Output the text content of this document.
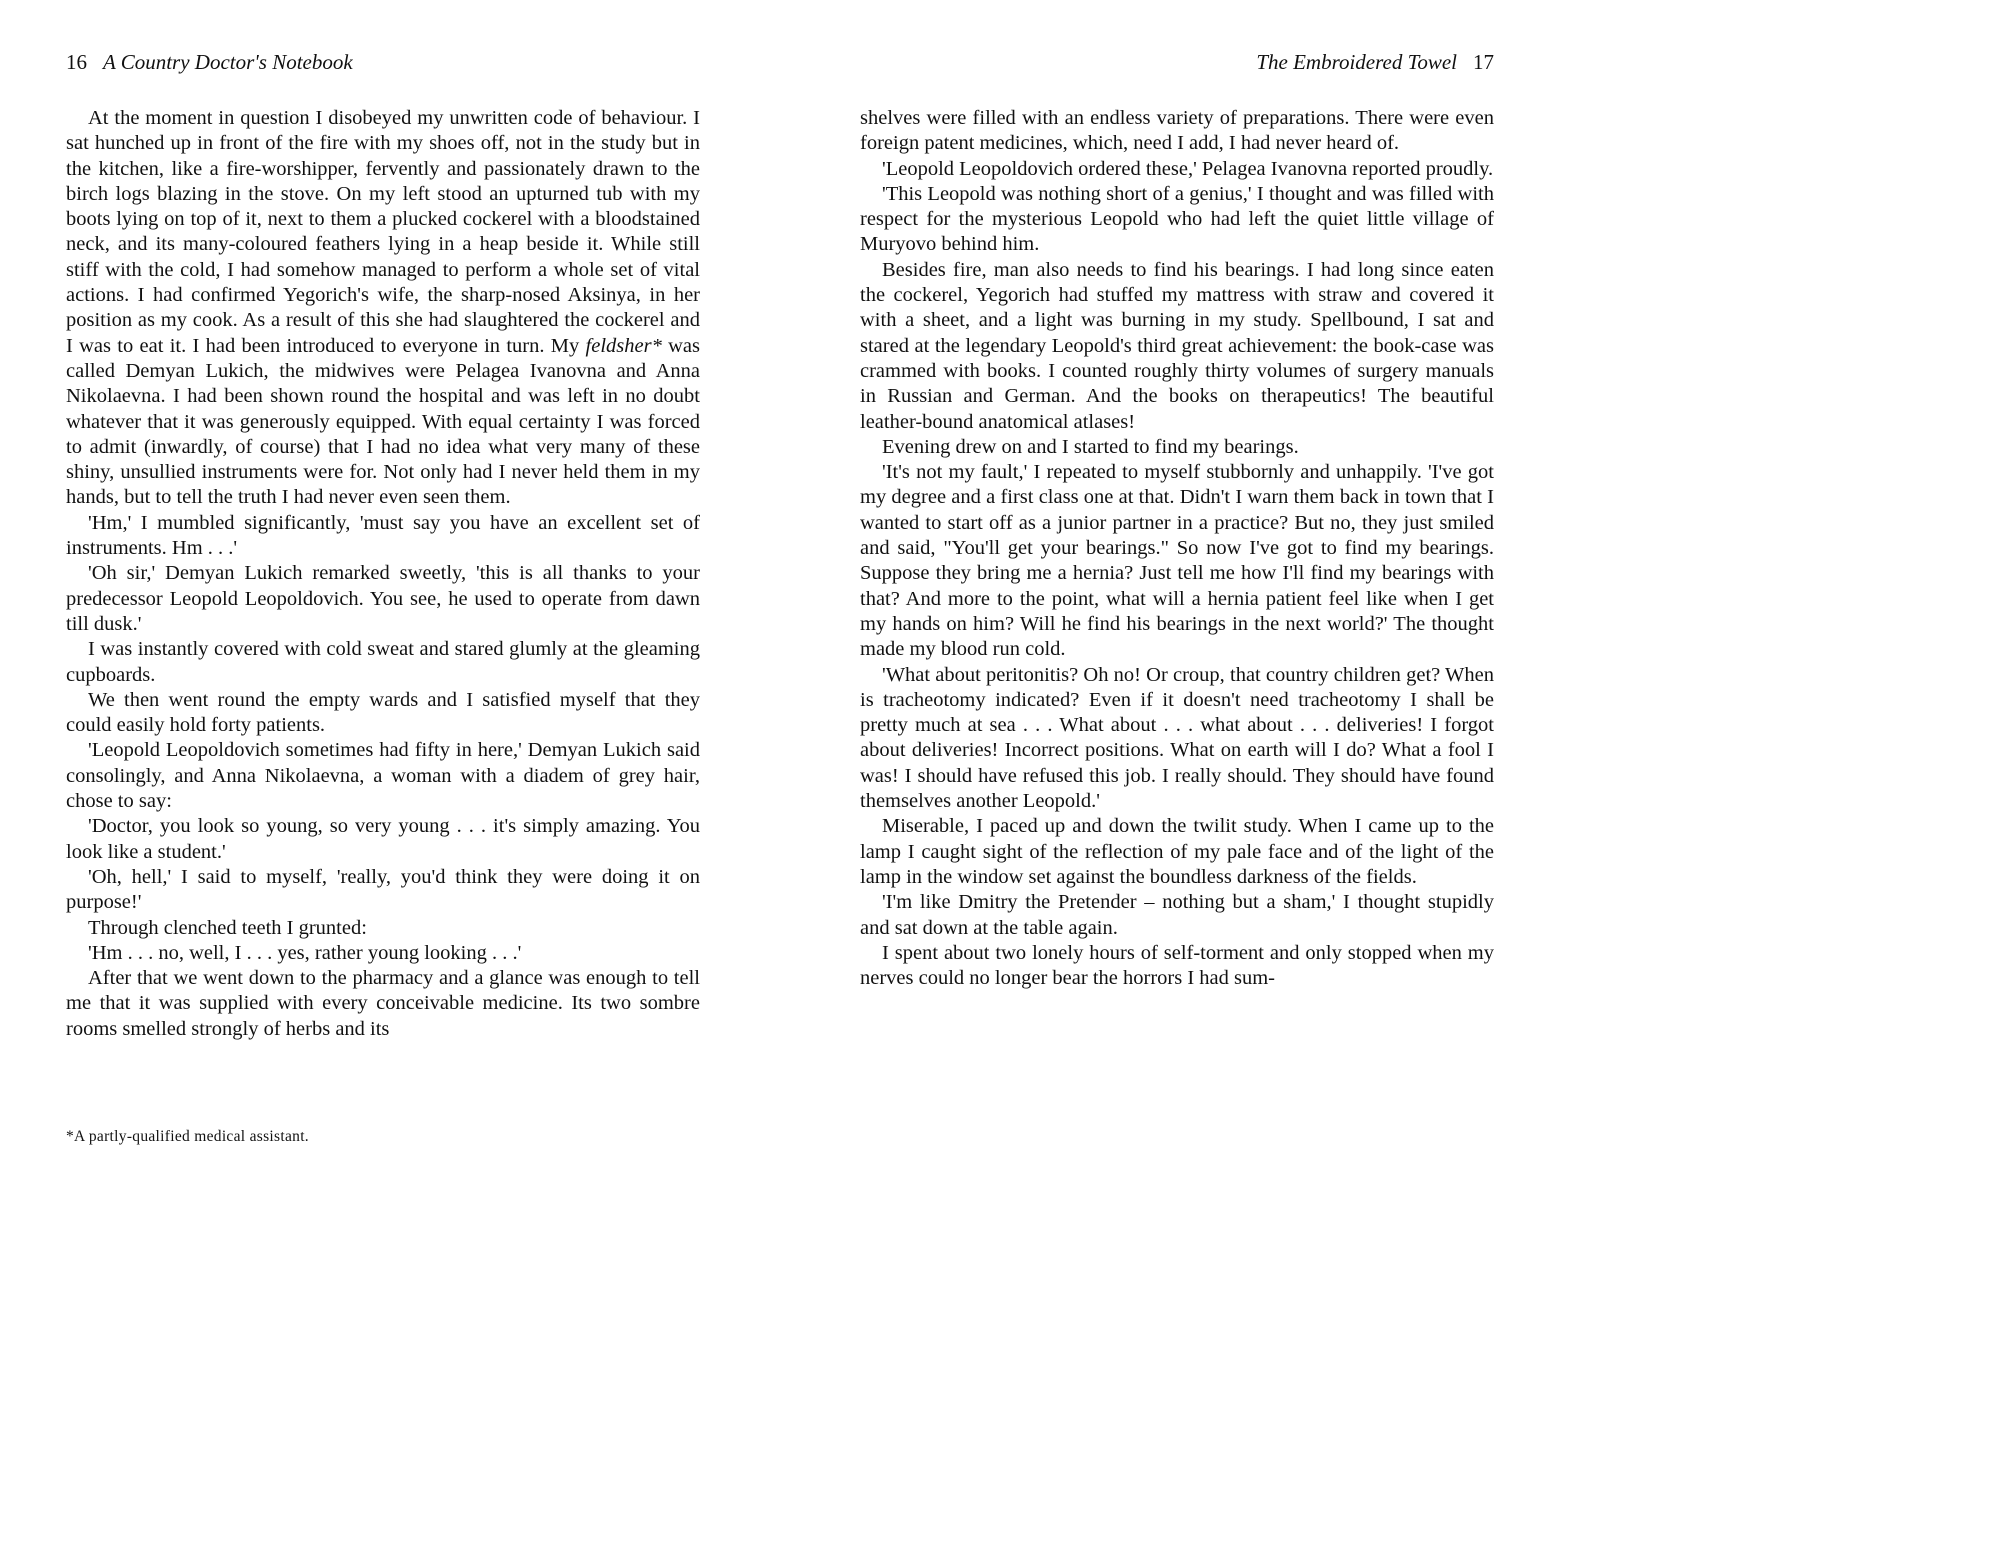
16 A Country Doctor's Notebook

At the moment in question I disobeyed my unwritten code of behaviour. I sat hunched up in front of the fire with my shoes off, not in the study but in the kitchen, like a fire-worshipper, fervently and passionately drawn to the birch logs blazing in the stove. On my left stood an upturned tub with my boots lying on top of it, next to them a plucked cockerel with a bloodstained neck, and its many-coloured feathers lying in a heap beside it. While still stiff with the cold, I had somehow managed to perform a whole set of vital actions. I had confirmed Yegorich's wife, the sharp-nosed Aksinya, in her position as my cook. As a result of this she had slaughtered the cockerel and I was to eat it. I had been introduced to everyone in turn. My feldsher* was called Demyan Lukich, the midwives were Pelagea Ivanovna and Anna Nikolaevna. I had been shown round the hospital and was left in no doubt whatever that it was generously equipped. With equal certainty I was forced to admit (inwardly, of course) that I had no idea what very many of these shiny, unsullied instruments were for. Not only had I never held them in my hands, but to tell the truth I had never even seen them.

'Hm,' I mumbled significantly, 'must say you have an excellent set of instruments. Hm . . .'

'Oh sir,' Demyan Lukich remarked sweetly, 'this is all thanks to your predecessor Leopold Leopoldovich. You see, he used to operate from dawn till dusk.'

I was instantly covered with cold sweat and stared glumly at the gleaming cupboards.

We then went round the empty wards and I satisfied myself that they could easily hold forty patients.

'Leopold Leopoldovich sometimes had fifty in here,' Demyan Lukich said consolingly, and Anna Nikolaevna, a woman with a diadem of grey hair, chose to say:

'Doctor, you look so young, so very young . . . it's simply amazing. You look like a student.'

'Oh, hell,' I said to myself, 'really, you'd think they were doing it on purpose!'

Through clenched teeth I grunted:

'Hm . . . no, well, I . . . yes, rather young looking . . .'

After that we went down to the pharmacy and a glance was enough to tell me that it was supplied with every conceivable medicine. Its two sombre rooms smelled strongly of herbs and its

*A partly-qualified medical assistant.
The Embroidered Towel 17

shelves were filled with an endless variety of preparations. There were even foreign patent medicines, which, need I add, I had never heard of.

'Leopold Leopoldovich ordered these,' Pelagea Ivanovna reported proudly.

'This Leopold was nothing short of a genius,' I thought and was filled with respect for the mysterious Leopold who had left the quiet little village of Muryovo behind him.

Besides fire, man also needs to find his bearings. I had long since eaten the cockerel, Yegorich had stuffed my mattress with straw and covered it with a sheet, and a light was burning in my study. Spellbound, I sat and stared at the legendary Leopold's third great achievement: the book-case was crammed with books. I counted roughly thirty volumes of surgery manuals in Russian and German. And the books on therapeutics! The beautiful leather-bound anatomical atlases!

Evening drew on and I started to find my bearings.

'It's not my fault,' I repeated to myself stubbornly and unhappily. 'I've got my degree and a first class one at that. Didn't I warn them back in town that I wanted to start off as a junior partner in a practice? But no, they just smiled and said, "You'll get your bearings." So now I've got to find my bearings. Suppose they bring me a hernia? Just tell me how I'll find my bearings with that? And more to the point, what will a hernia patient feel like when I get my hands on him? Will he find his bearings in the next world?' The thought made my blood run cold.

'What about peritonitis? Oh no! Or croup, that country children get? When is tracheotomy indicated? Even if it doesn't need tracheotomy I shall be pretty much at sea . . . What about . . . what about . . . deliveries! I forgot about deliveries! Incorrect positions. What on earth will I do? What a fool I was! I should have refused this job. I really should. They should have found themselves another Leopold.'

Miserable, I paced up and down the twilit study. When I came up to the lamp I caught sight of the reflection of my pale face and of the light of the lamp in the window set against the boundless darkness of the fields.

'I'm like Dmitry the Pretender – nothing but a sham,' I thought stupidly and sat down at the table again.

I spent about two lonely hours of self-torment and only stopped when my nerves could no longer bear the horrors I had sum-
